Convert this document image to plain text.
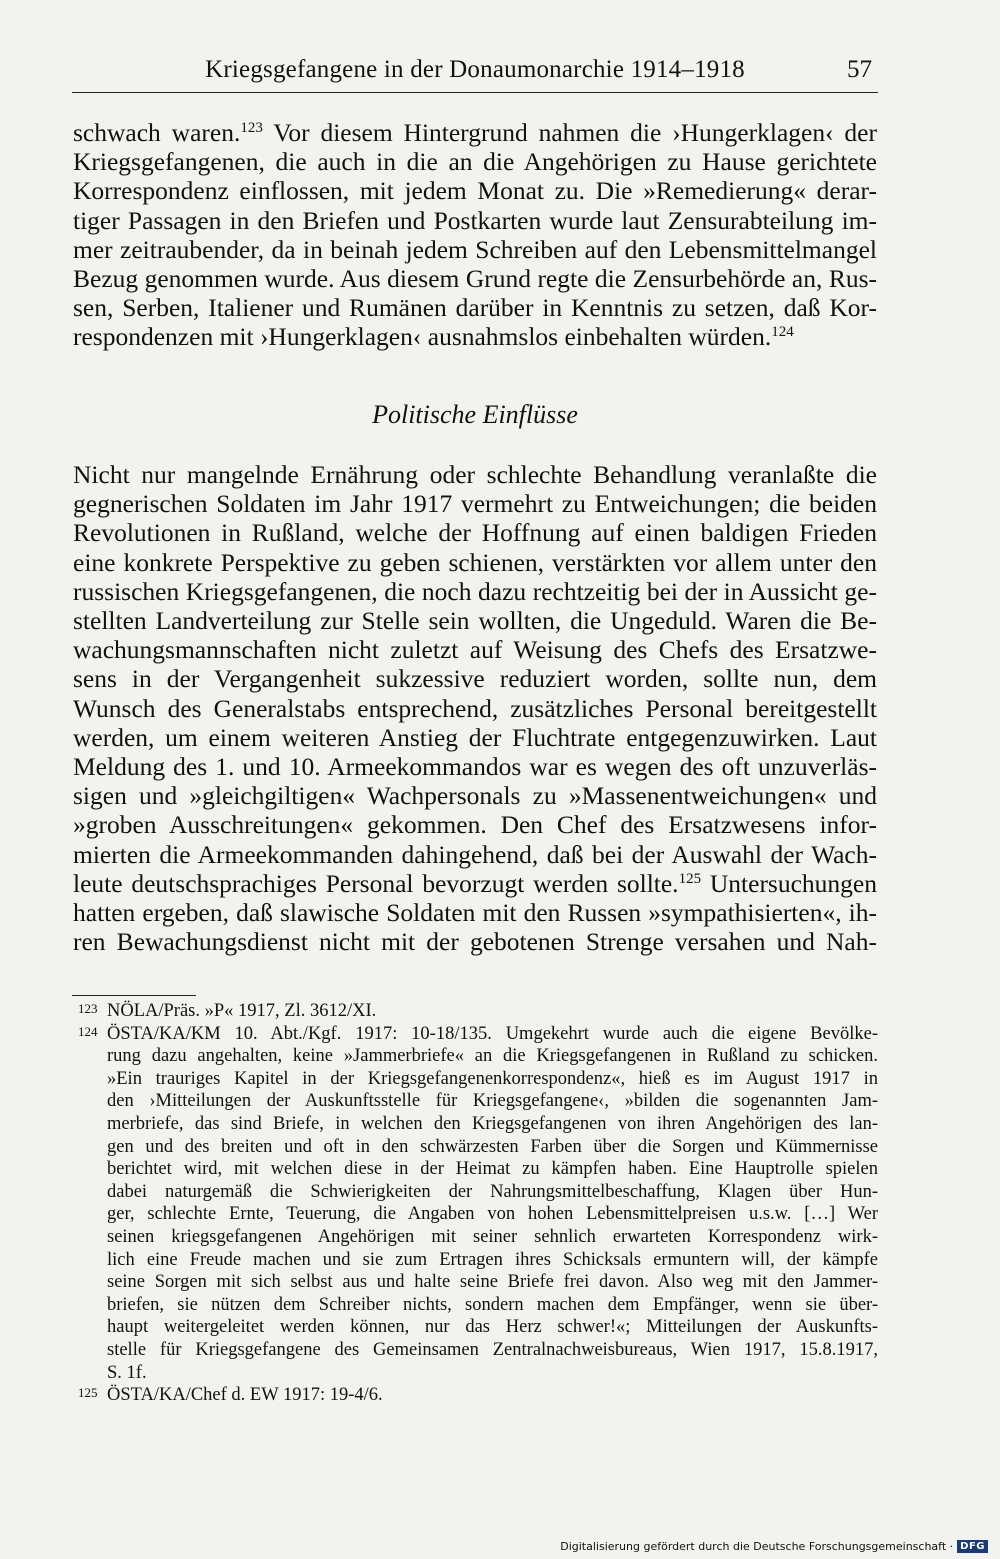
Kriegsgefangene in der Donaumonarchie 1914–1918	57

schwach waren.$^{123}$ Vor diesem Hintergrund nahmen die ›Hungerklagen‹ der
Kriegsgefangenen, die auch in die an die Angehörigen zu Hause gerichtete
Korrespondenz einflossen, mit jedem Monat zu. Die »Remedierung« derar-
tiger Passagen in den Briefen und Postkarten wurde laut Zensurabteilung im-
mer zeitraubender, da in beinah jedem Schreiben auf den Lebensmittelmangel
Bezug genommen wurde. Aus diesem Grund regte die Zensurbehörde an, Rus-
sen, Serben, Italiener und Rumänen darüber in Kenntnis zu setzen, daß Kor-
respondenzen mit ›Hungerklagen‹ ausnahmslos einbehalten würden.$^{124}$

Politische Einflüsse

Nicht nur mangelnde Ernährung oder schlechte Behandlung veranlaßte die
gegnerischen Soldaten im Jahr 1917 vermehrt zu Entweichungen; die beiden
Revolutionen in Rußland, welche der Hoffnung auf einen baldigen Frieden
eine konkrete Perspektive zu geben schienen, verstärkten vor allem unter den
russischen Kriegsgefangenen, die noch dazu rechtzeitig bei der in Aussicht ge-
stellten Landverteilung zur Stelle sein wollten, die Ungeduld. Waren die Be-
wachungsmannschaften nicht zuletzt auf Weisung des Chefs des Ersatzwe-
sens in der Vergangenheit sukzessive reduziert worden, sollte nun, dem
Wunsch des Generalstabs entsprechend, zusätzliches Personal bereitgestellt
werden, um einem weiteren Anstieg der Fluchtrate entgegenzuwirken. Laut
Meldung des 1. und 10. Armeekommandos war es wegen des oft unzuverläs-
sigen und »gleichgiltigen« Wachpersonals zu »Massenentweichungen« und
»groben Ausschreitungen« gekommen. Den Chef des Ersatzwesens infor-
mierten die Armeekommanden dahingehend, daß bei der Auswahl der Wach-
leute deutschsprachiges Personal bevorzugt werden sollte.$^{125}$ Untersuchungen
hatten ergeben, daß slawische Soldaten mit den Russen »sympathisierten«, ih-
ren Bewachungsdienst nicht mit der gebotenen Strenge versahen und Nah-

123 NÖLA/Präs. »P« 1917, Zl. 3612/XI.
124 ÖSTA/KA/KM 10. Abt./Kgf. 1917: 10-18/135. Umgekehrt wurde auch die eigene Bevölke-
rung dazu angehalten, keine »Jammerbriefe« an die Kriegsgefangenen in Rußland zu schicken.
»Ein trauriges Kapitel in der Kriegsgefangenenkorrespondenz«, hieß es im August 1917 in
den ›Mitteilungen der Auskunftsstelle für Kriegsgefangene‹, »bilden die sogenannten Jam-
merbriefe, das sind Briefe, in welchen den Kriegsgefangenen von ihren Angehörigen des lan-
gen und des breiten und oft in den schwärzesten Farben über die Sorgen und Kümmernisse
berichtet wird, mit welchen diese in der Heimat zu kämpfen haben. Eine Hauptrolle spielen
dabei naturgemäß die Schwierigkeiten der Nahrungsmittelbeschaffung, Klagen über Hun-
ger, schlechte Ernte, Teuerung, die Angaben von hohen Lebensmittelpreisen u.s.w. […] Wer
seinen kriegsgefangenen Angehörigen mit seiner sehnlich erwarteten Korrespondenz wirk-
lich eine Freude machen und sie zum Ertragen ihres Schicksals ermuntern will, der kämpfe
seine Sorgen mit sich selbst aus und halte seine Briefe frei davon. Also weg mit den Jammer-
briefen, sie nützen dem Schreiber nichts, sondern machen dem Empfänger, wenn sie über-
haupt weitergeleitet werden können, nur das Herz schwer!«; Mitteilungen der Auskunfts-
stelle für Kriegsgefangene des Gemeinsamen Zentralnachweisbureaus, Wien 1917, 15.8.1917,
S. 1f.
125 ÖSTA/KA/Chef d. EW 1917: 19-4/6.
Digitalisierung gefördert durch die Deutsche Forschungsgemeinschaft · DFG
